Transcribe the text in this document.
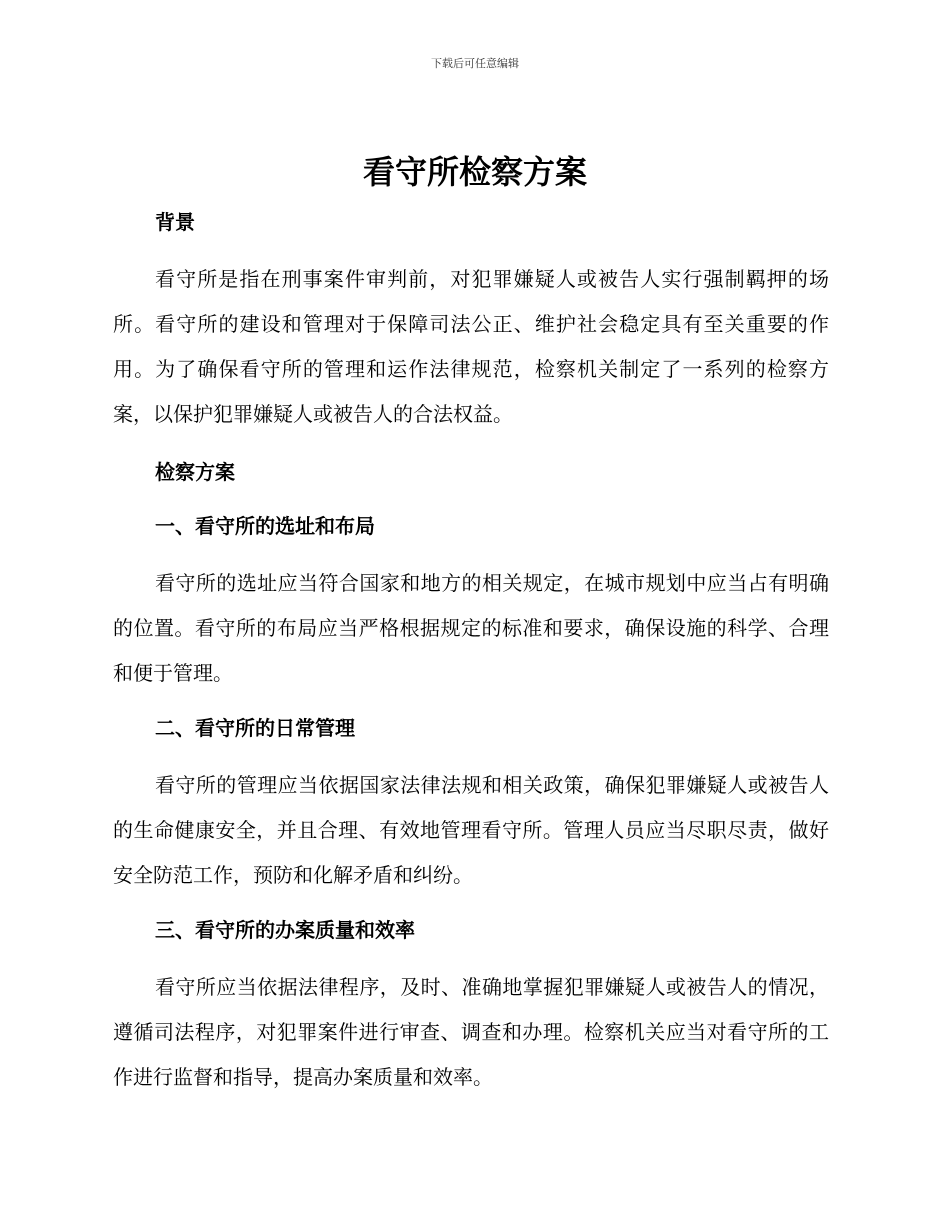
下载后可任意编辑
看守所检察方案

背景

看守所是指在刑事案件审判前，对犯罪嫌疑人或被告人实行强制羁押的场所。看守所的建设和管理对于保障司法公正、维护社会稳定具有至关重要的作用。为了确保看守所的管理和运作法律规范，检察机关制定了一系列的检察方案，以保护犯罪嫌疑人或被告人的合法权益。

检察方案

一、看守所的选址和布局

看守所的选址应当符合国家和地方的相关规定，在城市规划中应当占有明确的位置。看守所的布局应当严格根据规定的标准和要求，确保设施的科学、合理和便于管理。

二、看守所的日常管理

看守所的管理应当依据国家法律法规和相关政策，确保犯罪嫌疑人或被告人的生命健康安全，并且合理、有效地管理看守所。管理人员应当尽职尽责，做好安全防范工作，预防和化解矛盾和纠纷。

三、看守所的办案质量和效率

看守所应当依据法律程序，及时、准确地掌握犯罪嫌疑人或被告人的情况，遵循司法程序，对犯罪案件进行审查、调查和办理。检察机关应当对看守所的工作进行监督和指导，提高办案质量和效率。
